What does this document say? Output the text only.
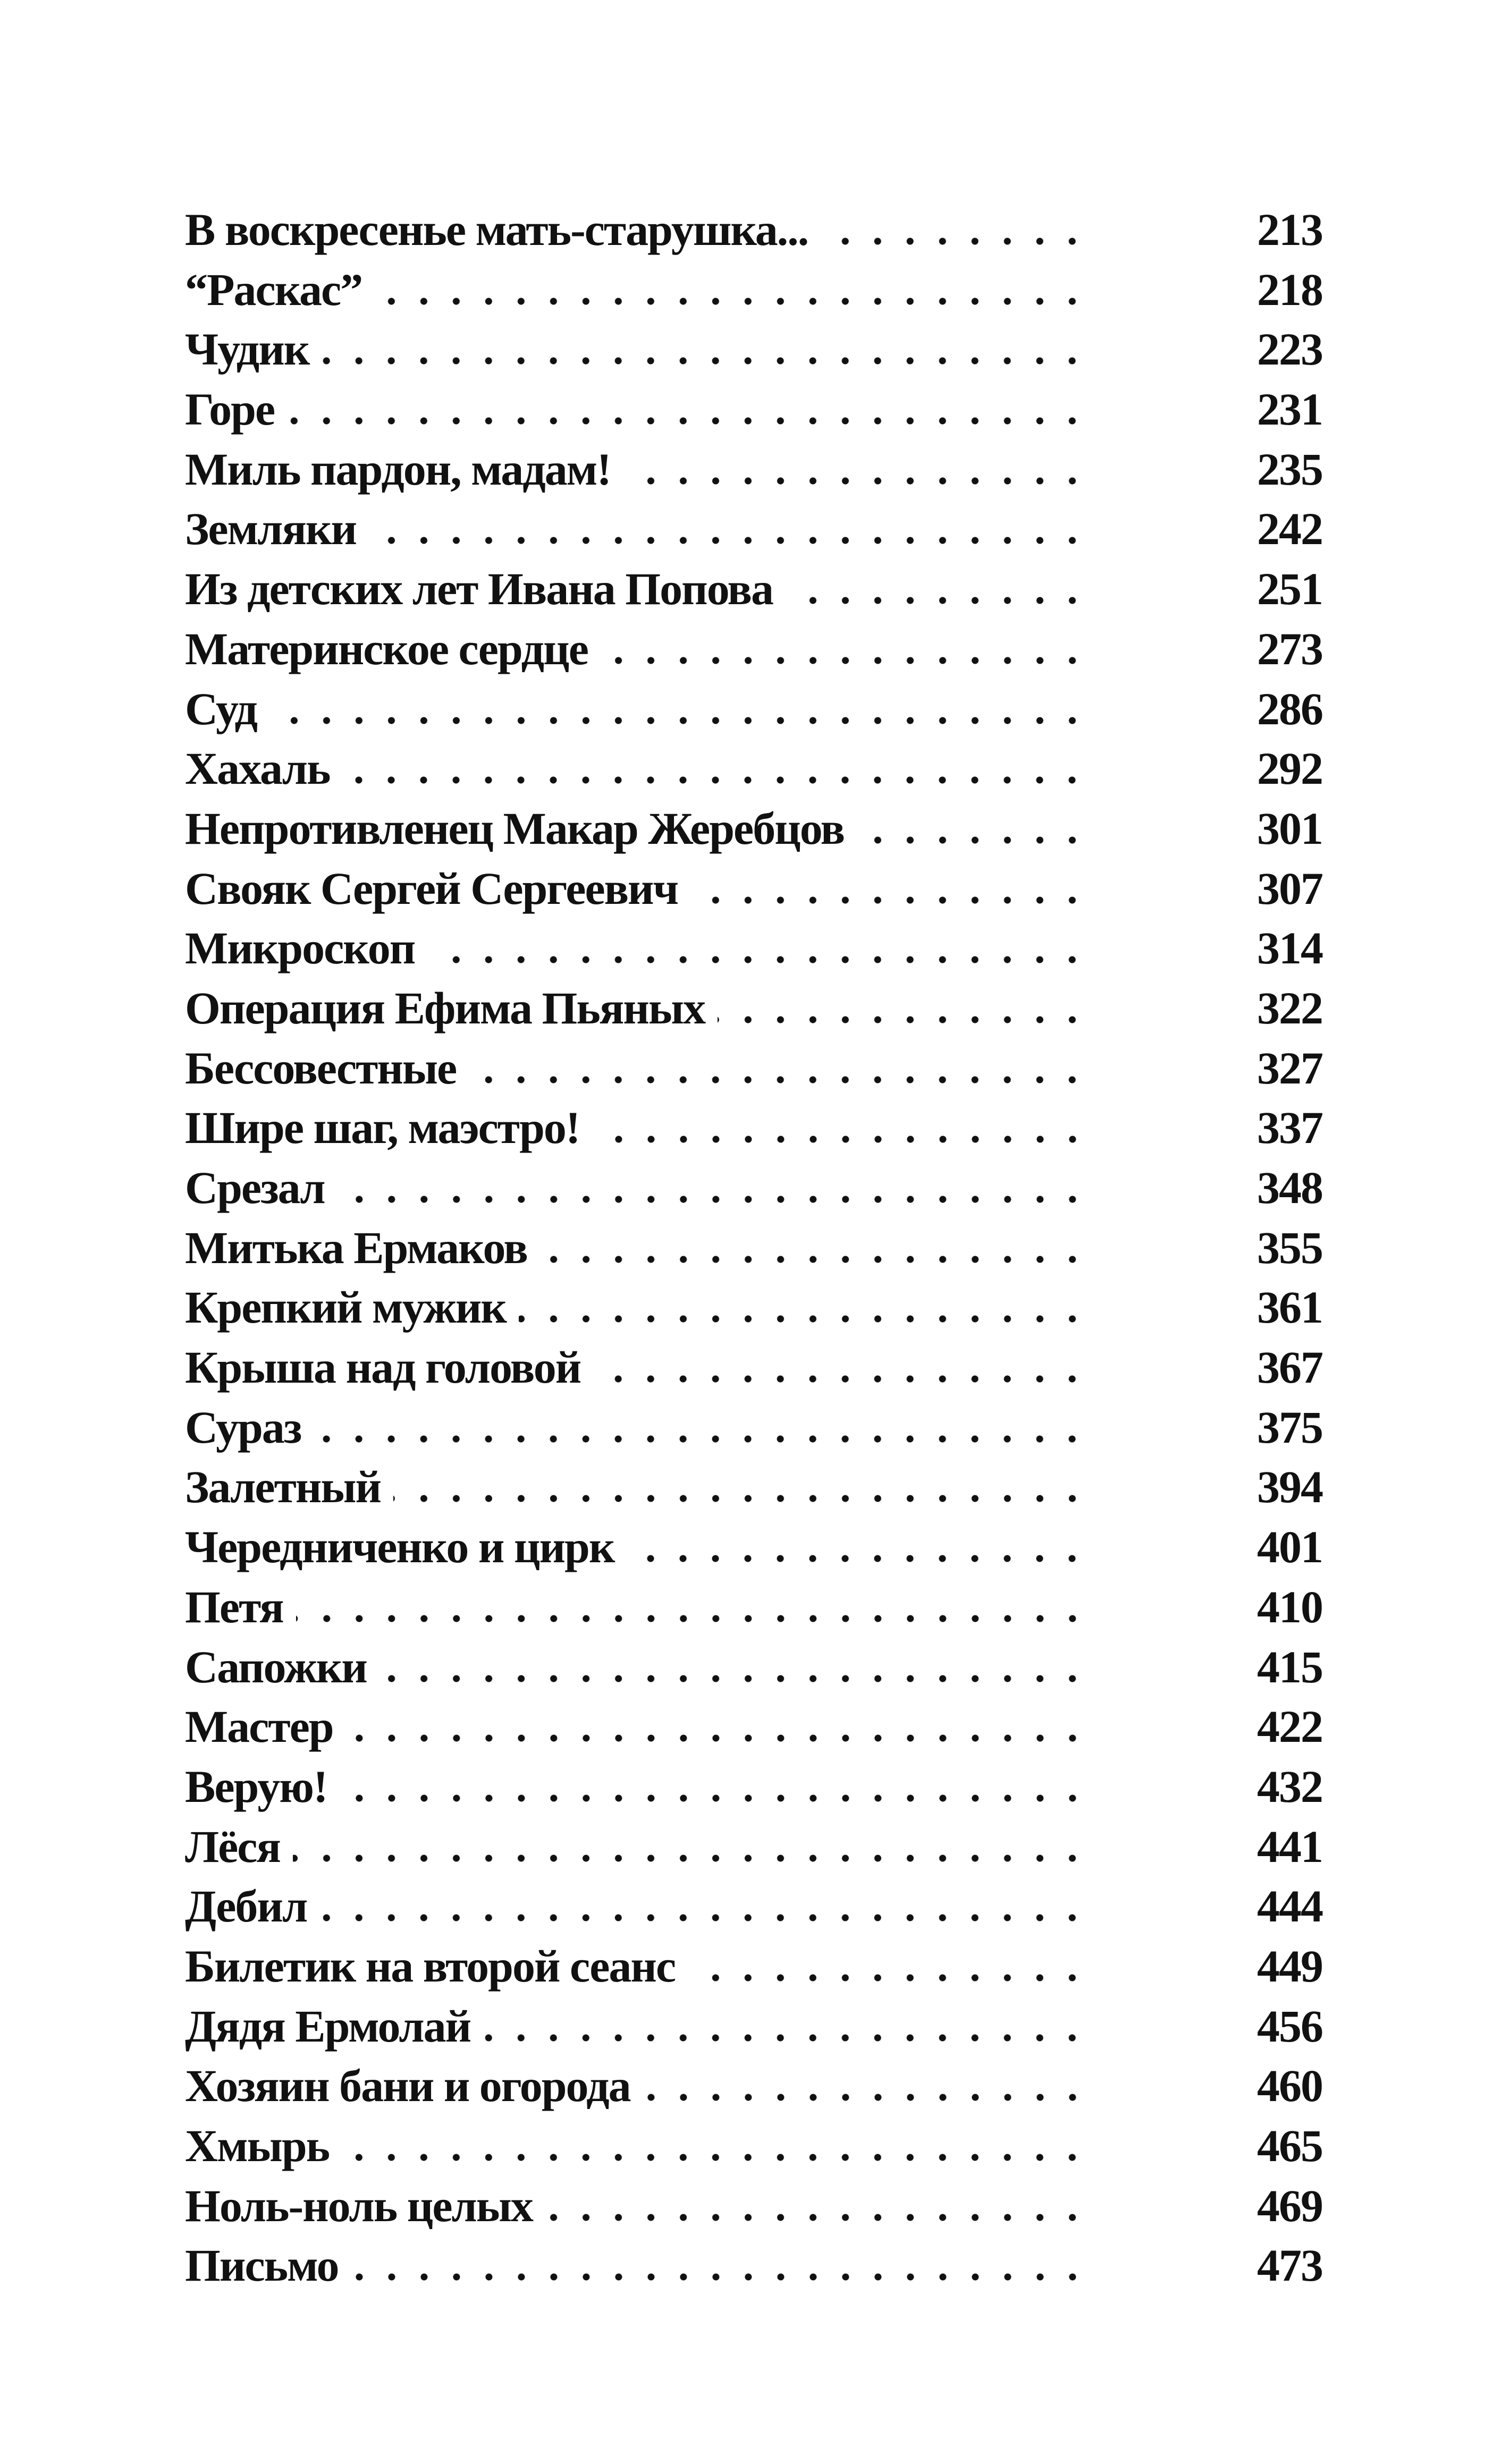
В воскресенье мать-старушка...	213
“Раскас”	218
Чудик	223
Горе	231
Миль пардон, мадам!	235
Земляки	242
Из детских лет Ивана Попова	251
Материнское сердце	273
Суд	286
Хахаль	292
Непротивленец Макар Жеребцов	301
Свояк Сергей Сергеевич	307
Микроскоп	314
Операция Ефима Пьяных	322
Бессовестные	327
Шире шаг, маэстро!	337
Срезал	348
Митька Ермаков	355
Крепкий мужик	361
Крыша над головой	367
Сураз	375
Залетный	394
Чередниченко и цирк	401
Петя	410
Сапожки	415
Мастер	422
Верую!	432
Лёся	441
Дебил	444
Билетик на второй сеанс	449
Дядя Ермолай	456
Хозяин бани и огорода	460
Хмырь	465
Ноль-ноль целых	469
Письмо	473
